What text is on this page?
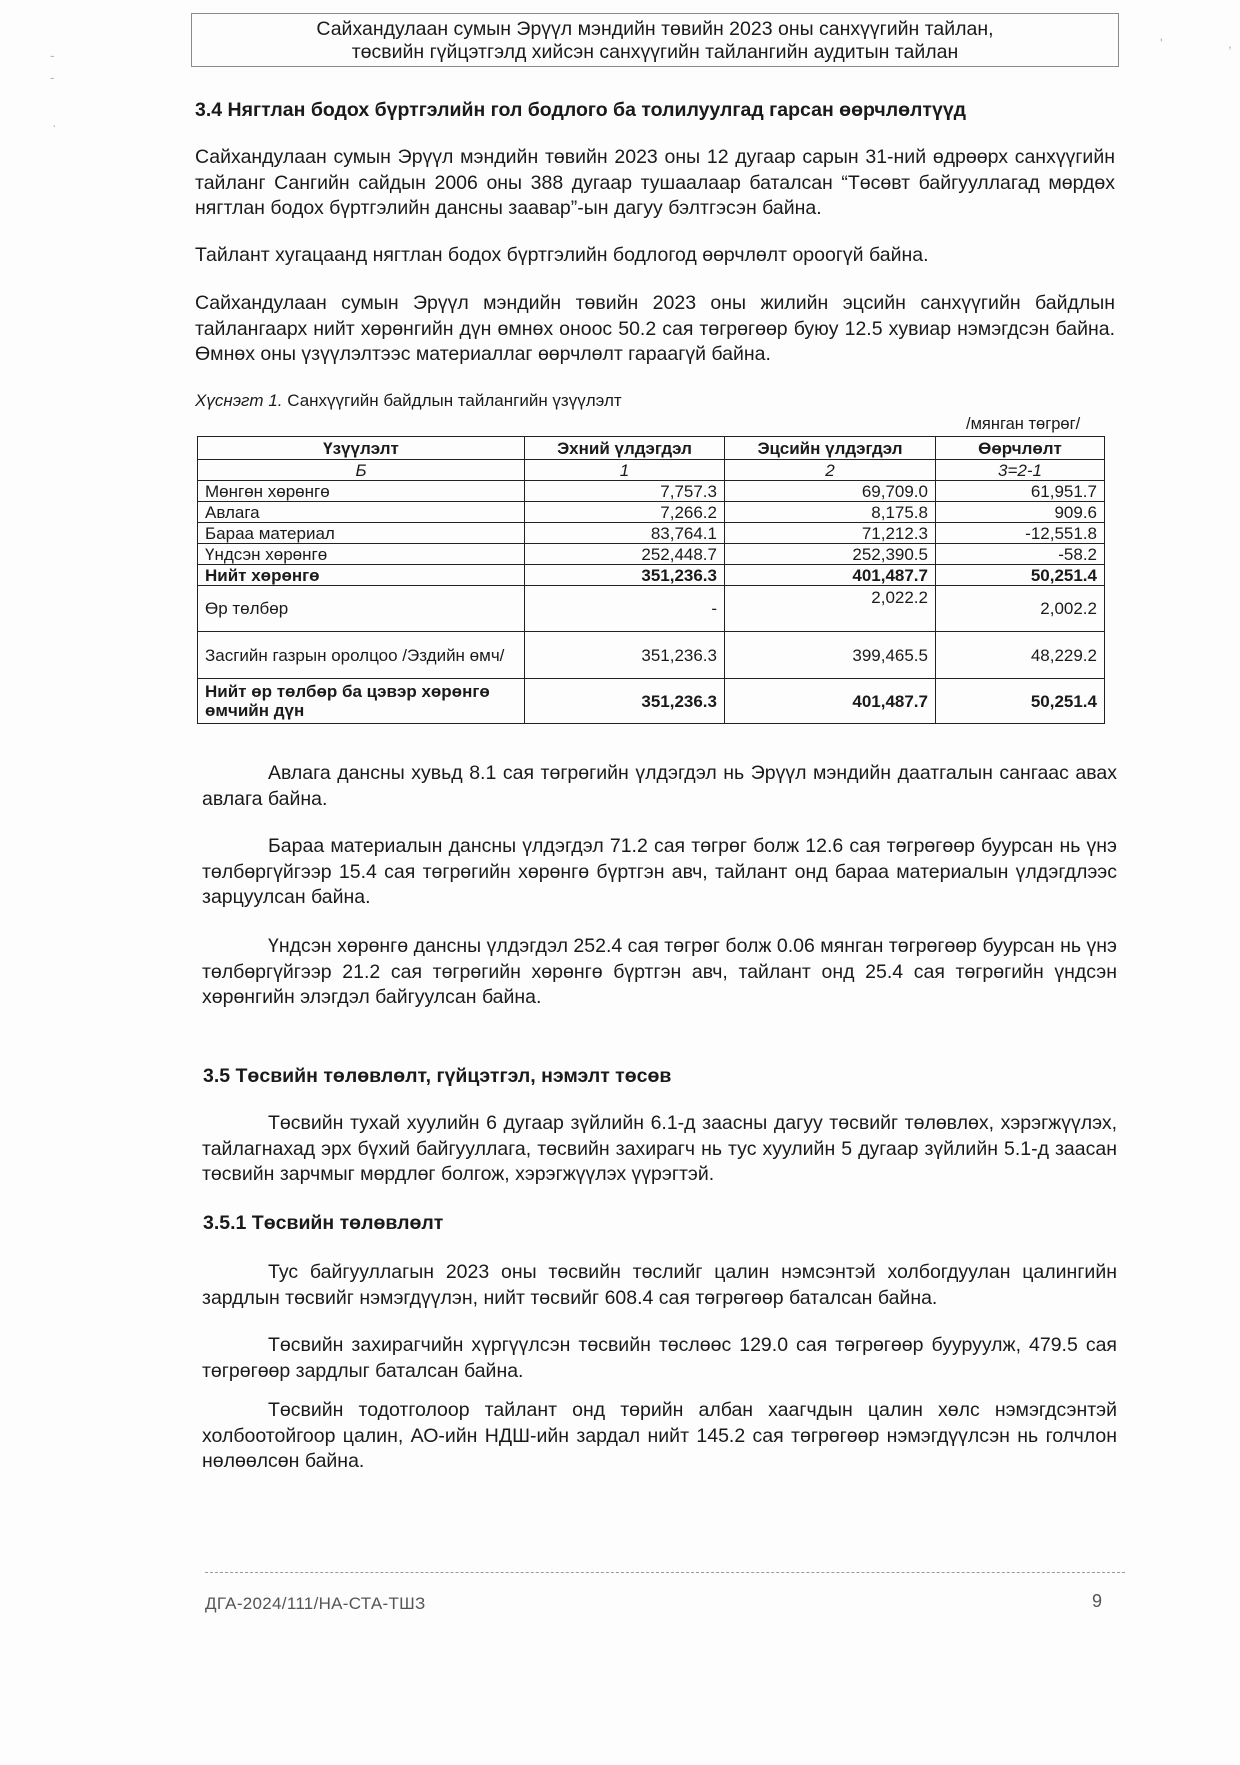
Сайхандулаан сумын Эрүүл мэндийн төвийн 2023 оны санхүүгийн тайлан,
төсвийн гүйцэтгэлд хийсэн санхүүгийн тайлангийн аудитын тайлан
-
-
·
'	,
3.4 Нягтлан бодох бүртгэлийн гол бодлого ба толилуулгад гарсан өөрчлөлтүүд

Сайхандулаан сумын Эрүүл мэндийн төвийн 2023 оны 12 дугаар сарын 31-ний өдрөөрх санхүүгийн тайланг Сангийн сайдын 2006 оны 388 дугаар тушаалаар баталсан “Төсөвт байгууллагад мөрдөх нягтлан бодох бүртгэлийн дансны заавар”-ын дагуу бэлтгэсэн байна.

Тайлант хугацаанд нягтлан бодох бүртгэлийн бодлогод өөрчлөлт ороогүй байна.

Сайхандулаан сумын Эрүүл мэндийн төвийн 2023 оны жилийн эцсийн санхүүгийн байдлын тайлангаарх нийт хөрөнгийн дүн өмнөх оноос 50.2 сая төгрөгөөр буюу 12.5 хувиар нэмэгдсэн байна. Өмнөх оны үзүүлэлтээс материаллаг өөрчлөлт гараагүй байна.

Хүснэгт 1. Санхүүгийн байдлын тайлангийн үзүүлэлт

/мянган төгрөг/
Үзүүлэлт	Эхний үлдэгдэл	Эцсийн үлдэгдэл	Өөрчлөлт
Б	1	2	3=2-1
Мөнгөн хөрөнгө	7,757.3	69,709.0	61,951.7
Авлага	7,266.2	8,175.8	909.6
Бараа материал	83,764.1	71,212.3	-12,551.8
Үндсэн хөрөнгө	252,448.7	252,390.5	-58.2
Нийт хөрөнгө	351,236.3	401,487.7	50,251.4
Өр төлбөр	-	2,022.2	2,002.2
Засгийн газрын оролцоо /Эздийн өмч/	351,236.3	399,465.5	48,229.2
Нийт өр төлбөр ба цэвэр хөрөнгө өмчийн дүн	351,236.3	401,487.7	50,251.4

Авлага дансны хувьд 8.1 сая төгрөгийн үлдэгдэл нь Эрүүл мэндийн даатгалын сангаас авах авлага байна.

Бараа материалын дансны үлдэгдэл 71.2 сая төгрөг болж 12.6 сая төгрөгөөр буурсан нь үнэ төлбөргүйгээр 15.4 сая төгрөгийн хөрөнгө бүртгэн авч, тайлант онд бараа материалын үлдэгдлээс зарцуулсан байна.

Үндсэн хөрөнгө дансны үлдэгдэл 252.4 сая төгрөг болж 0.06 мянган төгрөгөөр буурсан нь үнэ төлбөргүйгээр 21.2 сая төгрөгийн хөрөнгө бүртгэн авч, тайлант онд 25.4 сая төгрөгийн үндсэн хөрөнгийн элэгдэл байгуулсан байна.

3.5 Төсвийн төлөвлөлт, гүйцэтгэл, нэмэлт төсөв

Төсвийн тухай хуулийн 6 дугаар зүйлийн 6.1-д заасны дагуу төсвийг төлөвлөх, хэрэгжүүлэх, тайлагнахад эрх бүхий байгууллага, төсвийн захирагч нь тус хуулийн 5 дугаар зүйлийн 5.1-д заасан төсвийн зарчмыг мөрдлөг болгож, хэрэгжүүлэх үүрэгтэй.

3.5.1 Төсвийн төлөвлөлт

Тус байгууллагын 2023 оны төсвийн төслийг цалин нэмсэнтэй холбогдуулан цалингийн зардлын төсвийг нэмэгдүүлэн, нийт төсвийг 608.4 сая төгрөгөөр баталсан байна.

Төсвийн захирагчийн хүргүүлсэн төсвийн төслөөс 129.0 сая төгрөгөөр бууруулж, 479.5 сая төгрөгөөр зардлыг баталсан байна.

Төсвийн тодотголоор тайлант онд төрийн албан хаагчдын цалин хөлс нэмэгдсэнтэй холбоотойгоор цалин, АО-ийн НДШ-ийн зардал нийт 145.2 сая төгрөгөөр нэмэгдүүлсэн нь голчлон нөлөөлсөн байна.

ДГА-2024/111/НА-СТА-ТШЗ	9
